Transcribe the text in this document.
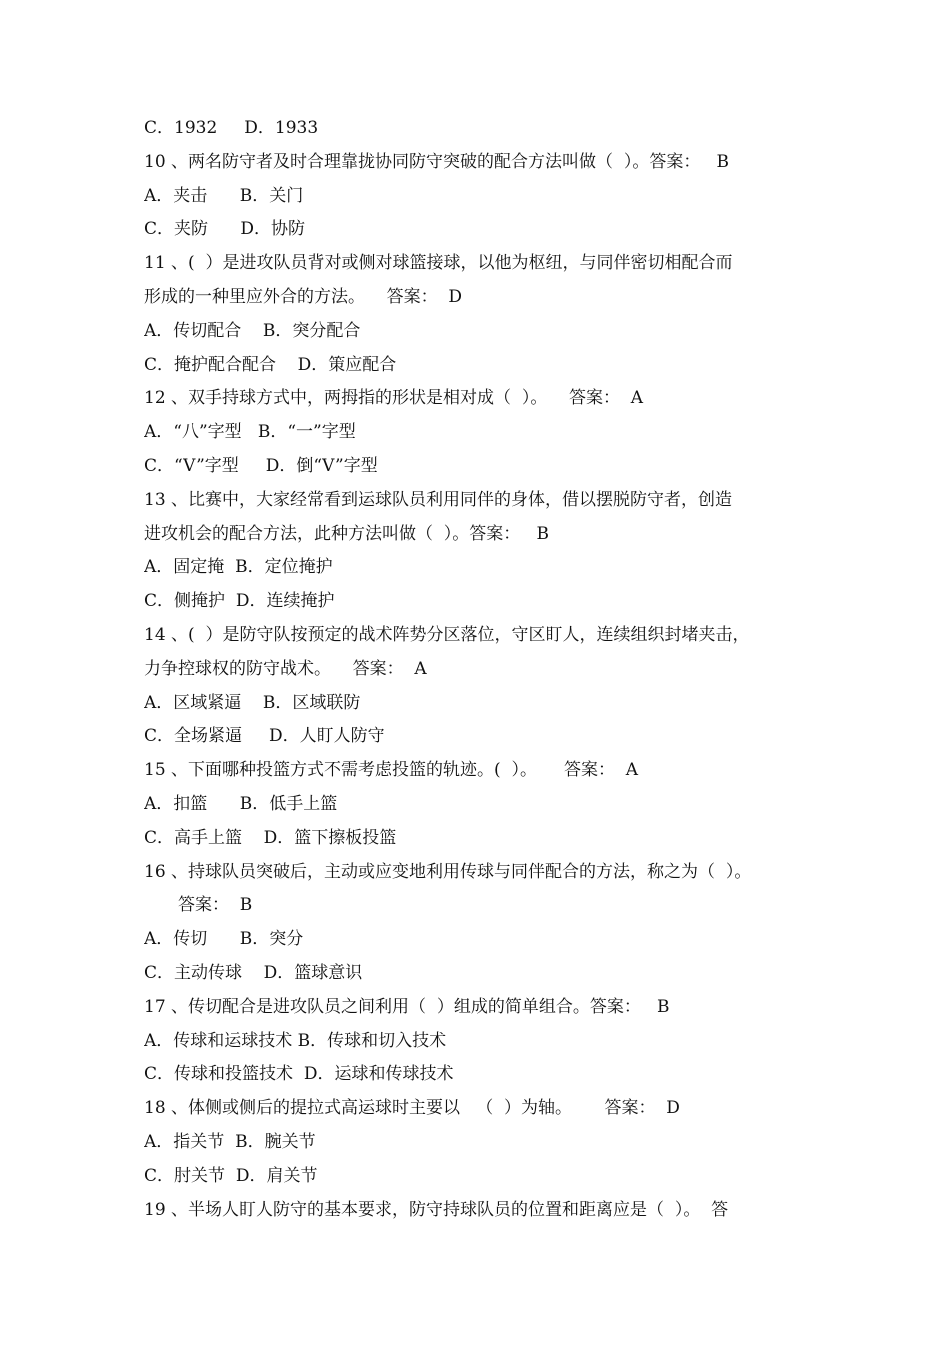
C．1932     D．1933
10 、两名防守者及时合理靠拢协同防守突破的配合方法叫做（  ）。答案：   B
A．夹击      B．关门
C．夹防      D．协防
11 、(  ）是进攻队员背对或侧对球篮接球，以他为枢纽，与同伴密切相配合而
形成的一种里应外合的方法。    答案：  D
A．传切配合    B．突分配合
C．掩护配合配合    D．策应配合
12 、双手持球方式中，两拇指的形状是相对成（  ）。    答案：  A
A．“八”字型   B．“一”字型
C．“V”字型     D．倒“V”字型
13 、比赛中，大家经常看到运球队员利用同伴的身体，借以摆脱防守者，创造
进攻机会的配合方法，此种方法叫做（  ）。答案：   B
A．固定掩  B．定位掩护
C．侧掩护  D．连续掩护
14 、(  ）是防守队按预定的战术阵势分区落位，守区盯人，连续组织封堵夹击，
力争控球权的防守战术。    答案：  A
A．区域紧逼    B．区域联防
C．全场紧逼     D．人盯人防守
15 、下面哪种投篮方式不需考虑投篮的轨迹。(  ）。     答案：  A
A．扣篮      B．低手上篮
C．高手上篮    D．篮下擦板投篮
16 、持球队员突破后，主动或应变地利用传球与同伴配合的方法，称之为（  ）。
答案：  B
A．传切      B．突分
C．主动传球    D．篮球意识
17 、传切配合是进攻队员之间利用（  ）组成的简单组合。答案：   B
A．传球和运球技术 B．传球和切入技术
C．传球和投篮技术  D．运球和传球技术
18 、体侧或侧后的提拉式高运球时主要以   （  ）为轴。      答案：  D
A．指关节  B．腕关节
C．肘关节  D．肩关节
19 、半场人盯人防守的基本要求，防守持球队员的位置和距离应是（  ）。  答
